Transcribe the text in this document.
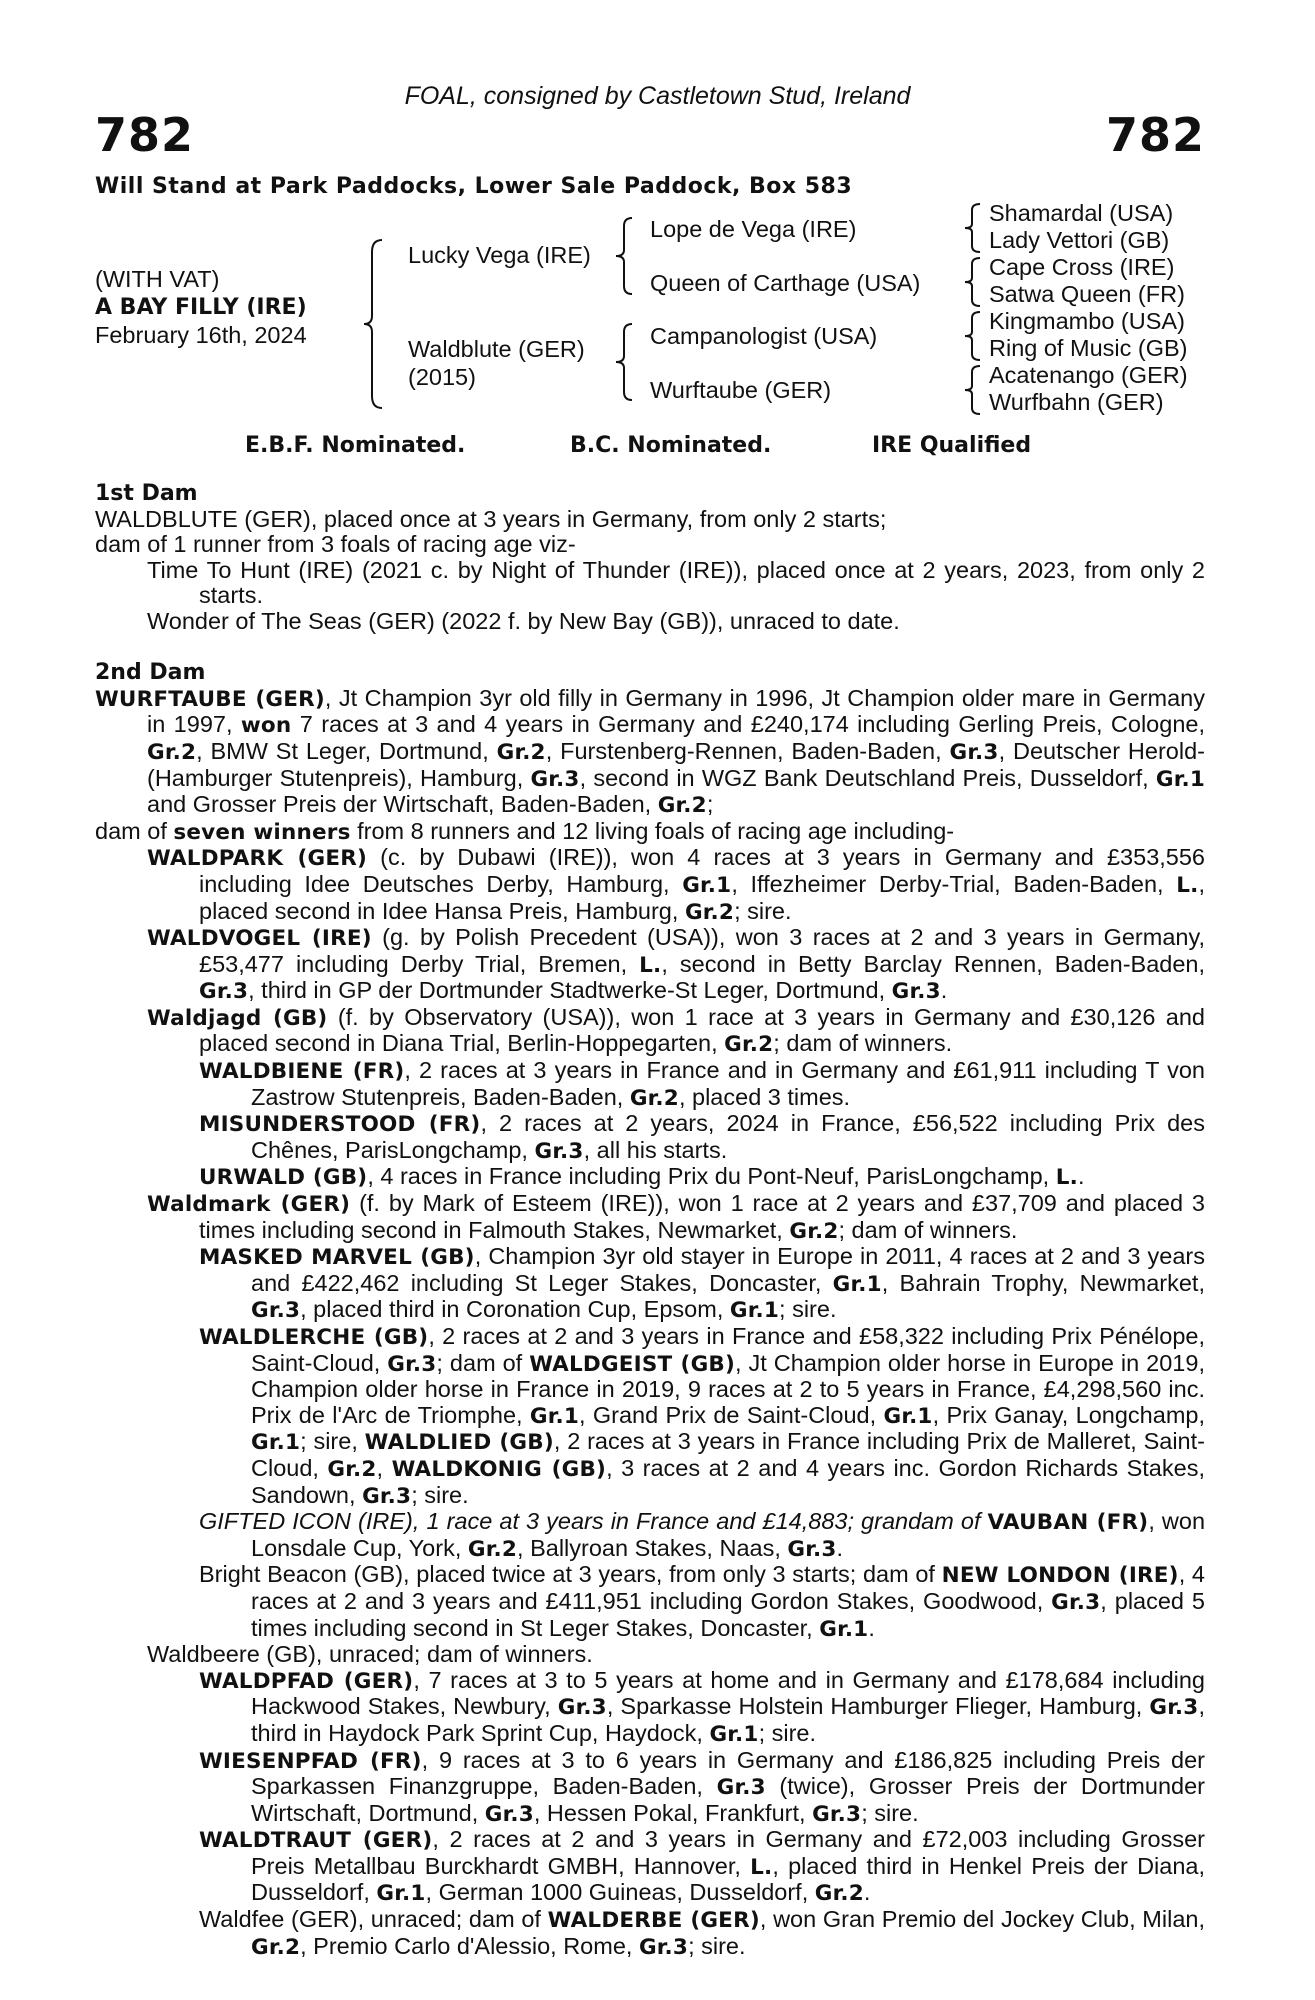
FOAL, consigned by Castletown Stud, Ireland
782	782
Will Stand at Park Paddocks, Lower Sale Paddock, Box 583
(WITH VAT)
A BAY FILLY (IRE)
February 16th, 2024
Lucky Vega (IRE)
Waldblute (GER)
(2015)
Lope de Vega (IRE)
Queen of Carthage (USA)
Campanologist (USA)
Wurftaube (GER)
Shamardal (USA)
Lady Vettori (GB)
Cape Cross (IRE)
Satwa Queen (FR)
Kingmambo (USA)
Ring of Music (GB)
Acatenango (GER)
Wurfbahn (GER)
E.B.F. Nominated.	B.C. Nominated.	IRE Qualified

1st Dam

WALDBLUTE (GER), placed once at 3 years in Germany, from only 2 starts;

dam of 1 runner from 3 foals of racing age viz-

Time To Hunt (IRE) (2021 c. by Night of Thunder (IRE)), placed once at 2 years, 2023, from only 2 starts.

Wonder of The Seas (GER) (2022 f. by New Bay (GB)), unraced to date.

2nd Dam

WURFTAUBE (GER), Jt Champion 3yr old filly in Germany in 1996, Jt Champion older mare in Germany in 1997, won 7 races at 3 and 4 years in Germany and £240,174 including Gerling Preis, Cologne, Gr.2, BMW St Leger, Dortmund, Gr.2, Furstenberg-Rennen, Baden-Baden, Gr.3, Deutscher Herold-(Hamburger Stutenpreis), Hamburg, Gr.3, second in WGZ Bank Deutschland Preis, Dusseldorf, Gr.1 and Grosser Preis der Wirtschaft, Baden-Baden, Gr.2;

dam of seven winners from 8 runners and 12 living foals of racing age including-

WALDPARK (GER) (c. by Dubawi (IRE)), won 4 races at 3 years in Germany and £353,556 including Idee Deutsches Derby, Hamburg, Gr.1, Iffezheimer Derby-Trial, Baden-Baden, L., placed second in Idee Hansa Preis, Hamburg, Gr.2; sire.

WALDVOGEL (IRE) (g. by Polish Precedent (USA)), won 3 races at 2 and 3 years in Germany, £53,477 including Derby Trial, Bremen, L., second in Betty Barclay Rennen, Baden-Baden, Gr.3, third in GP der Dortmunder Stadtwerke-St Leger, Dortmund, Gr.3.

Waldjagd (GB) (f. by Observatory (USA)), won 1 race at 3 years in Germany and £30,126 and placed second in Diana Trial, Berlin-Hoppegarten, Gr.2; dam of winners.

WALDBIENE (FR), 2 races at 3 years in France and in Germany and £61,911 including T von Zastrow Stutenpreis, Baden-Baden, Gr.2, placed 3 times.

MISUNDERSTOOD (FR), 2 races at 2 years, 2024 in France, £56,522 including Prix des Chênes, ParisLongchamp, Gr.3, all his starts.

URWALD (GB), 4 races in France including Prix du Pont-Neuf, ParisLongchamp, L..

Waldmark (GER) (f. by Mark of Esteem (IRE)), won 1 race at 2 years and £37,709 and placed 3 times including second in Falmouth Stakes, Newmarket, Gr.2; dam of winners.

MASKED MARVEL (GB), Champion 3yr old stayer in Europe in 2011, 4 races at 2 and 3 years and £422,462 including St Leger Stakes, Doncaster, Gr.1, Bahrain Trophy, Newmarket, Gr.3, placed third in Coronation Cup, Epsom, Gr.1; sire.

WALDLERCHE (GB), 2 races at 2 and 3 years in France and £58,322 including Prix Pénélope, Saint-Cloud, Gr.3; dam of WALDGEIST (GB), Jt Champion older horse in Europe in 2019, Champion older horse in France in 2019, 9 races at 2 to 5 years in France, £4,298,560 inc. Prix de l'Arc de Triomphe, Gr.1, Grand Prix de Saint-Cloud, Gr.1, Prix Ganay, Longchamp, Gr.1; sire, WALDLIED (GB), 2 races at 3 years in France including Prix de Malleret, Saint-Cloud, Gr.2, WALDKONIG (GB), 3 races at 2 and 4 years inc. Gordon Richards Stakes, Sandown, Gr.3; sire.

GIFTED ICON (IRE), 1 race at 3 years in France and £14,883; grandam of VAUBAN (FR), won Lonsdale Cup, York, Gr.2, Ballyroan Stakes, Naas, Gr.3.

Bright Beacon (GB), placed twice at 3 years, from only 3 starts; dam of NEW LONDON (IRE), 4 races at 2 and 3 years and £411,951 including Gordon Stakes, Goodwood, Gr.3, placed 5 times including second in St Leger Stakes, Doncaster, Gr.1.

Waldbeere (GB), unraced; dam of winners.

WALDPFAD (GER), 7 races at 3 to 5 years at home and in Germany and £178,684 including Hackwood Stakes, Newbury, Gr.3, Sparkasse Holstein Hamburger Flieger, Hamburg, Gr.3, third in Haydock Park Sprint Cup, Haydock, Gr.1; sire.

WIESENPFAD (FR), 9 races at 3 to 6 years in Germany and £186,825 including Preis der Sparkassen Finanzgruppe, Baden-Baden, Gr.3 (twice), Grosser Preis der Dortmunder Wirtschaft, Dortmund, Gr.3, Hessen Pokal, Frankfurt, Gr.3; sire.

WALDTRAUT (GER), 2 races at 2 and 3 years in Germany and £72,003 including Grosser Preis Metallbau Burckhardt GMBH, Hannover, L., placed third in Henkel Preis der Diana, Dusseldorf, Gr.1, German 1000 Guineas, Dusseldorf, Gr.2.

Waldfee (GER), unraced; dam of WALDERBE (GER), won Gran Premio del Jockey Club, Milan, Gr.2, Premio Carlo d'Alessio, Rome, Gr.3; sire.
